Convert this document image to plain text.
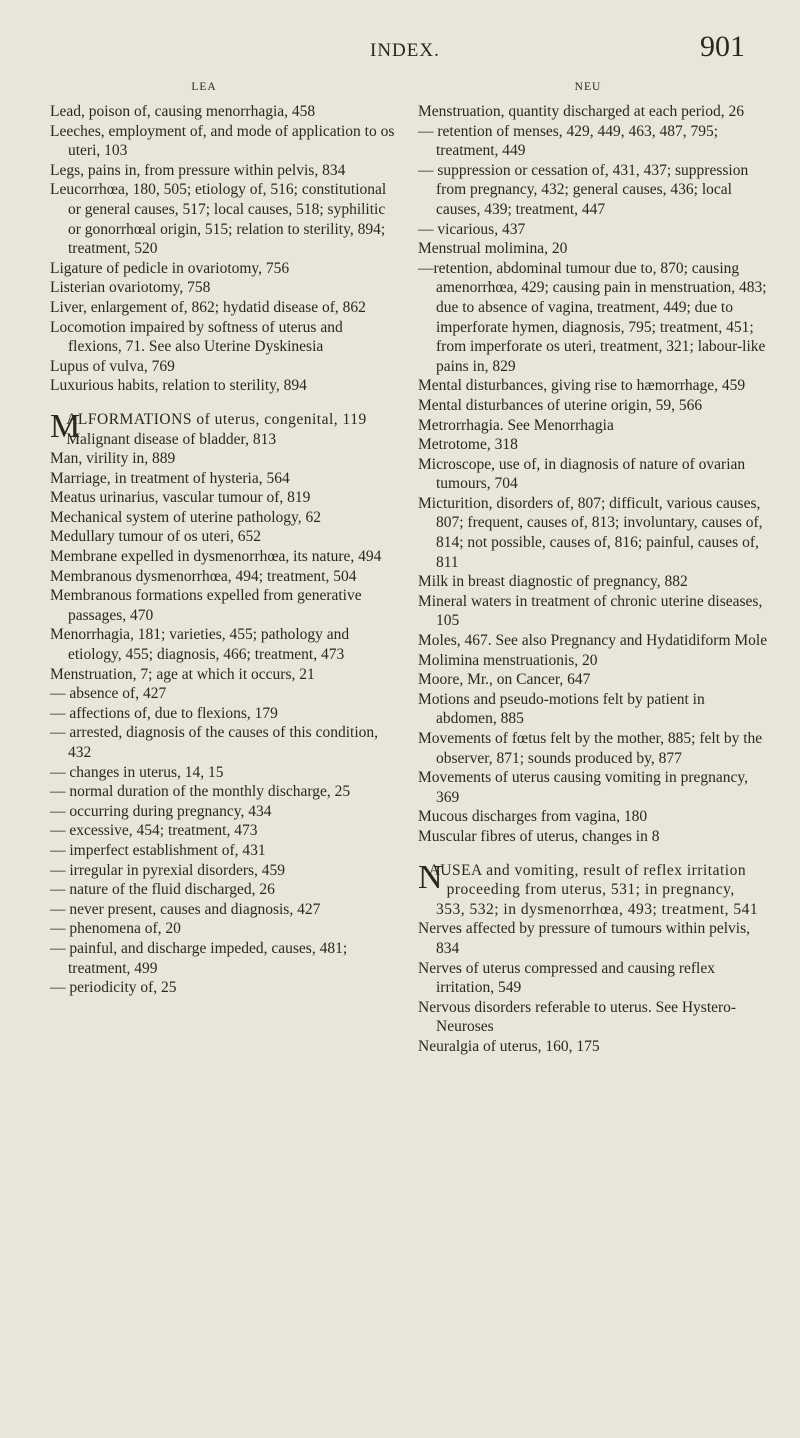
INDEX.	901
LEA
Lead, poison of, causing menorrhagia, 458
Leeches, employment of, and mode of application to os uteri, 103
Legs, pains in, from pressure within pelvis, 834
Leucorrhœa, 180, 505; etiology of, 516; constitutional or general causes, 517; local causes, 518; syphilitic or gonorrhœal origin, 515; relation to sterility, 894; treatment, 520
Ligature of pedicle in ovariotomy, 756
Listerian ovariotomy, 758
Liver, enlargement of, 862; hydatid disease of, 862
Locomotion impaired by softness of uterus and flexions, 71. See also Uterine Dyskinesia
Lupus of vulva, 769
Luxurious habits, relation to sterility, 894
M
ALFORMATIONS of uterus, congenital, 119
Malignant disease of bladder, 813
Man, virility in, 889
Marriage, in treatment of hysteria, 564
Meatus urinarius, vascular tumour of, 819
Mechanical system of uterine pathology, 62
Medullary tumour of os uteri, 652
Membrane expelled in dysmenorrhœa, its nature, 494
Membranous dysmenorrhœa, 494; treatment, 504
Membranous formations expelled from generative passages, 470
Menorrhagia, 181; varieties, 455; pathology and etiology, 455; diagnosis, 466; treatment, 473
Menstruation, 7; age at which it occurs, 21
— absence of, 427
— affections of, due to flexions, 179
— arrested, diagnosis of the causes of this condition, 432
— changes in uterus, 14, 15
— normal duration of the monthly discharge, 25
— occurring during pregnancy, 434
— excessive, 454; treatment, 473
— imperfect establishment of, 431
— irregular in pyrexial disorders, 459
— nature of the fluid discharged, 26
— never present, causes and diagnosis, 427
— phenomena of, 20
— painful, and discharge impeded, causes, 481; treatment, 499
— periodicity of, 25
NEU
Menstruation, quantity discharged at each period, 26
— retention of menses, 429, 449, 463, 487, 795; treatment, 449
— suppression or cessation of, 431, 437; suppression from pregnancy, 432; general causes, 436; local causes, 439; treatment, 447
— vicarious, 437
Menstrual molimina, 20
—retention, abdominal tumour due to, 870; causing amenorrhœa, 429; causing pain in menstruation, 483; due to absence of vagina, treatment, 449; due to imperforate hymen, diagnosis, 795; treatment, 451; from imperforate os uteri, treatment, 321; labour-like pains in, 829
Mental disturbances, giving rise to hæmorrhage, 459
Mental disturbances of uterine origin, 59, 566
Metrorrhagia. See Menorrhagia
Metrotome, 318
Microscope, use of, in diagnosis of nature of ovarian tumours, 704
Micturition, disorders of, 807; difficult, various causes, 807; frequent, causes of, 813; involuntary, causes of, 814; not possible, causes of, 816; painful, causes of, 811
Milk in breast diagnostic of pregnancy, 882
Mineral waters in treatment of chronic uterine diseases, 105
Moles, 467. See also Pregnancy and Hydatidiform Mole
Molimina menstruationis, 20
Moore, Mr., on Cancer, 647
Motions and pseudo-motions felt by patient in abdomen, 885
Movements of fœtus felt by the mother, 885; felt by the observer, 871; sounds produced by, 877
Movements of uterus causing vomiting in pregnancy, 369
Mucous discharges from vagina, 180
Muscular fibres of uterus, changes in 8
N
AUSEA and vomiting, result of reflex irritation proceeding from uterus, 531; in pregnancy, 353, 532; in dysmenorrhœa, 493; treatment, 541
Nerves affected by pressure of tumours within pelvis, 834
Nerves of uterus compressed and causing reflex irritation, 549
Nervous disorders referable to uterus. See Hystero-Neuroses
Neuralgia of uterus, 160, 175
